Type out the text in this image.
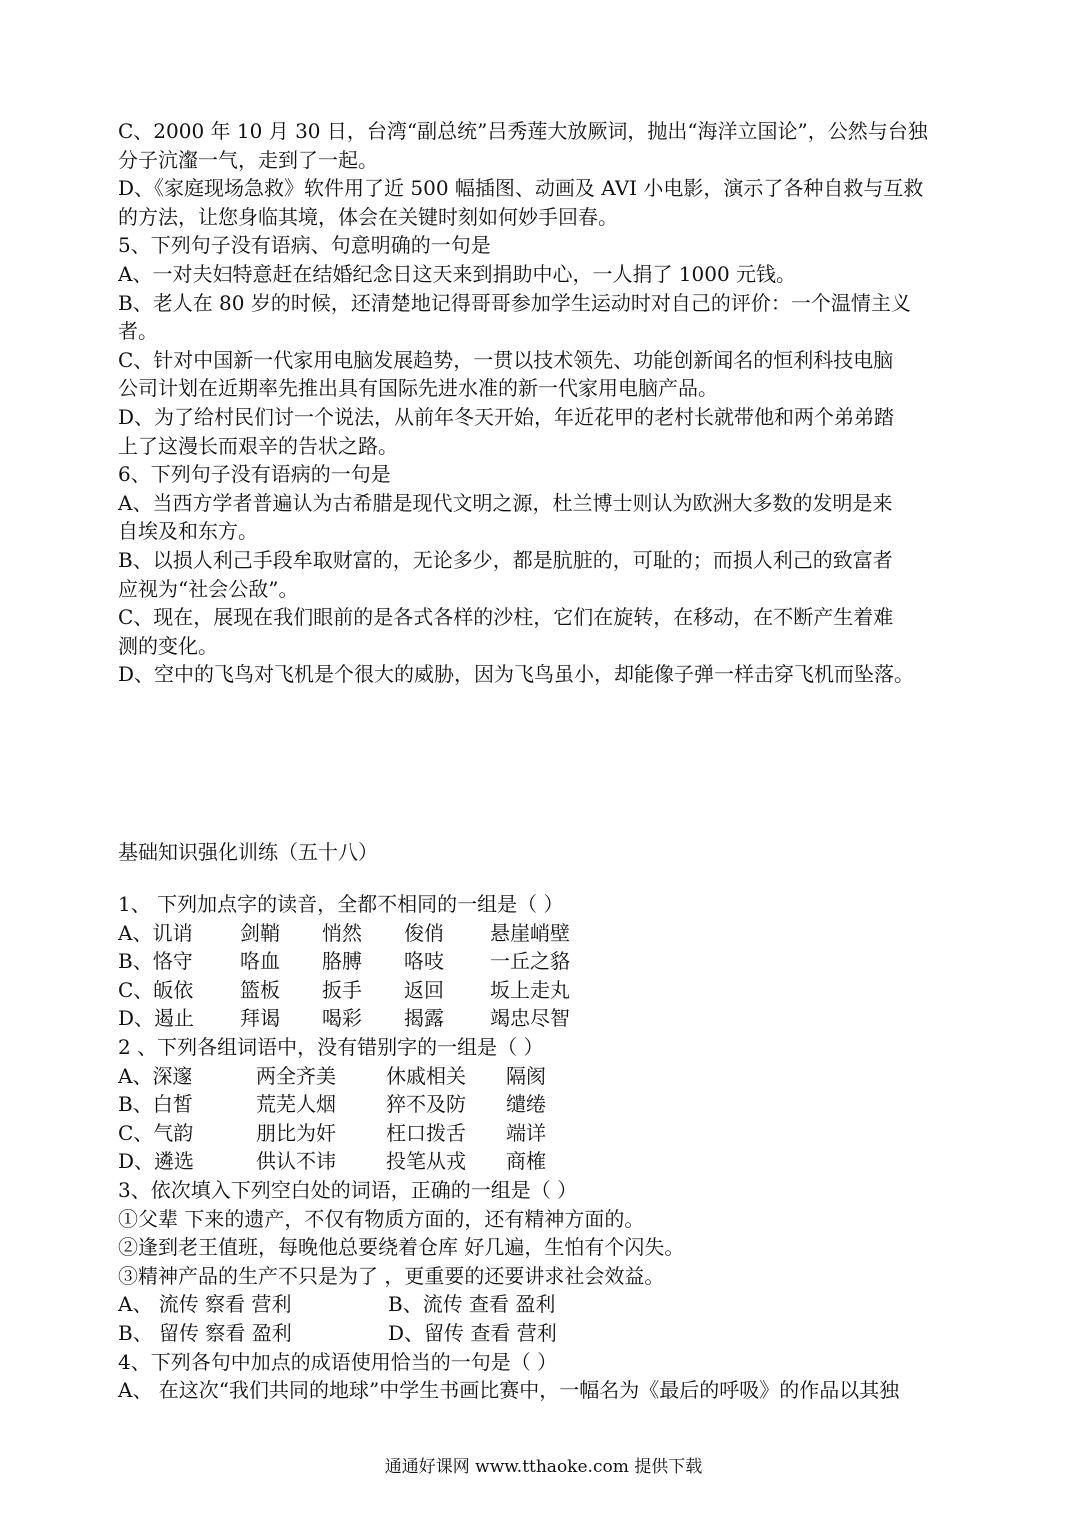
C、2000 年 10 月 30 日，台湾“副总统”吕秀莲大放厥词，抛出“海洋立国论”，公然与台独
分子沆瀣一气，走到了一起。
D、《家庭现场急救》软件用了近 500 幅插图、动画及 AVI 小电影，演示了各种自救与互救
的方法，让您身临其境，体会在关键时刻如何妙手回春。
5、下列句子没有语病、句意明确的一句是
A、一对夫妇特意赶在结婚纪念日这天来到捐助中心，一人捐了 1000 元钱。
B、老人在 80 岁的时候，还清楚地记得哥哥参加学生运动时对自己的评价：一个温情主义
者。
C、针对中国新一代家用电脑发展趋势，一贯以技术领先、功能创新闻名的恒利科技电脑
公司计划在近期率先推出具有国际先进水准的新一代家用电脑产品。
D、为了给村民们讨一个说法，从前年冬天开始，年近花甲的老村长就带他和两个弟弟踏
上了这漫长而艰辛的告状之路。
6、下列句子没有语病的一句是
A、当西方学者普遍认为古希腊是现代文明之源，杜兰博士则认为欧洲大多数的发明是来
自埃及和东方。
B、以损人利己手段牟取财富的，无论多少，都是肮脏的，可耻的；而损人利己的致富者
应视为“社会公敌”。
C、现在，展现在我们眼前的是各式各样的沙柱，它们在旋转，在移动，在不断产生着难
测的变化。
D、空中的飞鸟对飞机是个很大的威胁，因为飞鸟虽小，却能像子弹一样击穿飞机而坠落。
基础知识强化训练（五十八）
1、 下列加点字的读音，全都不相同的一组是（ ）
A、讥诮	剑鞘	悄然	俊俏	悬崖峭壁
B、恪守	咯血	胳膊	咯吱	一丘之貉
C、皈依	篮板	扳手	返回	坂上走丸
D、遏止	拜谒	喝彩	揭露	竭忠尽智
2 、下列各组词语中，没有错别字的一组是（ ）
A、深邃	两全齐美	休戚相关	隔阂
B、白皙	荒芜人烟	猝不及防	缱绻
C、气韵	朋比为奸	枉口拨舌	端详
D、遴选	供认不讳	投笔从戎	商榷
3、依次填入下列空白处的词语，正确的一组是（ ）
①父辈 下来的遗产，不仅有物质方面的，还有精神方面的。
②逢到老王值班，每晚他总要绕着仓库 好几遍，生怕有个闪失。
③精神产品的生产不只是为了 ，更重要的还要讲求社会效益。
A、 流传 察看 营利	B、流传 查看 盈利
B、 留传 察看 盈利	D、留传 查看 营利
4、下列各句中加点的成语使用恰当的一句是（ ）
A、 在这次“我们共同的地球”中学生书画比赛中，一幅名为《最后的呼吸》的作品以其独
通通好课网 www.tthaoke.com 提供下载
